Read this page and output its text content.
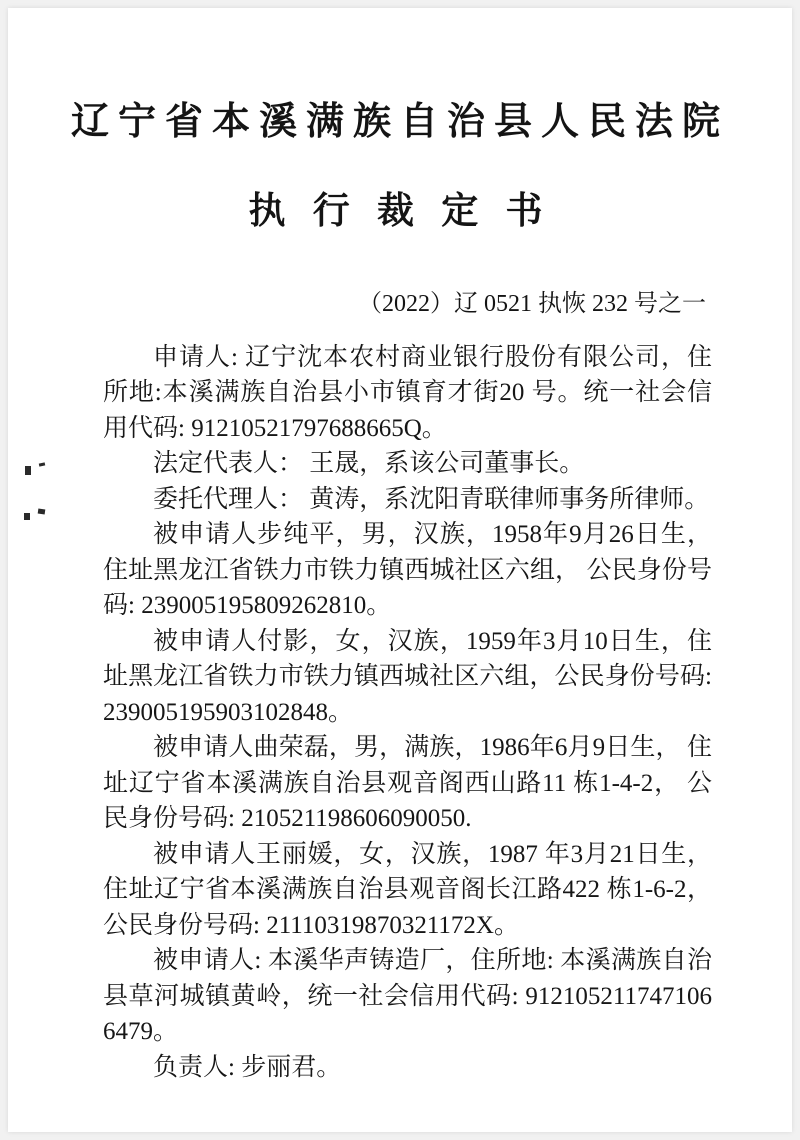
辽宁省本溪满族自治县人民法院
执 行 裁 定 书
（2022）辽 0521 执恢 232 号之一

申请人: 辽宁沈本农村商业银行股份有限公司，住所地:本溪满族自治县小市镇育才街20 号。统一社会信用代码: 91210521797688665Q。

法定代表人： 王晟，系该公司董事长。

委托代理人： 黄涛，系沈阳青联律师事务所律师。

被申请人步纯平，男，汉族，1958年9月26日生， 住址黑龙江省铁力市铁力镇西城社区六组， 公民身份号码: 239005195809262810。

被申请人付影，女，汉族，1959年3月10日生，住址黑龙江省铁力市铁力镇西城社区六组，公民身份号码: 239005195903102848。

被申请人曲荣磊，男，满族，1986年6月9日生， 住址辽宁省本溪满族自治县观音阁西山路11 栋1-4-2， 公民身份号码: 210521198606090050.

被申请人王丽媛，女，汉族，1987 年3月21日生，住址辽宁省本溪满族自治县观音阁长江路422 栋1-6-2，公民身份号码: 21110319870321172X。

被申请人: 本溪华声铸造厂，住所地: 本溪满族自治县草河城镇黄岭，统一社会信用代码: 9121052117471066479。

负责人: 步丽君。
